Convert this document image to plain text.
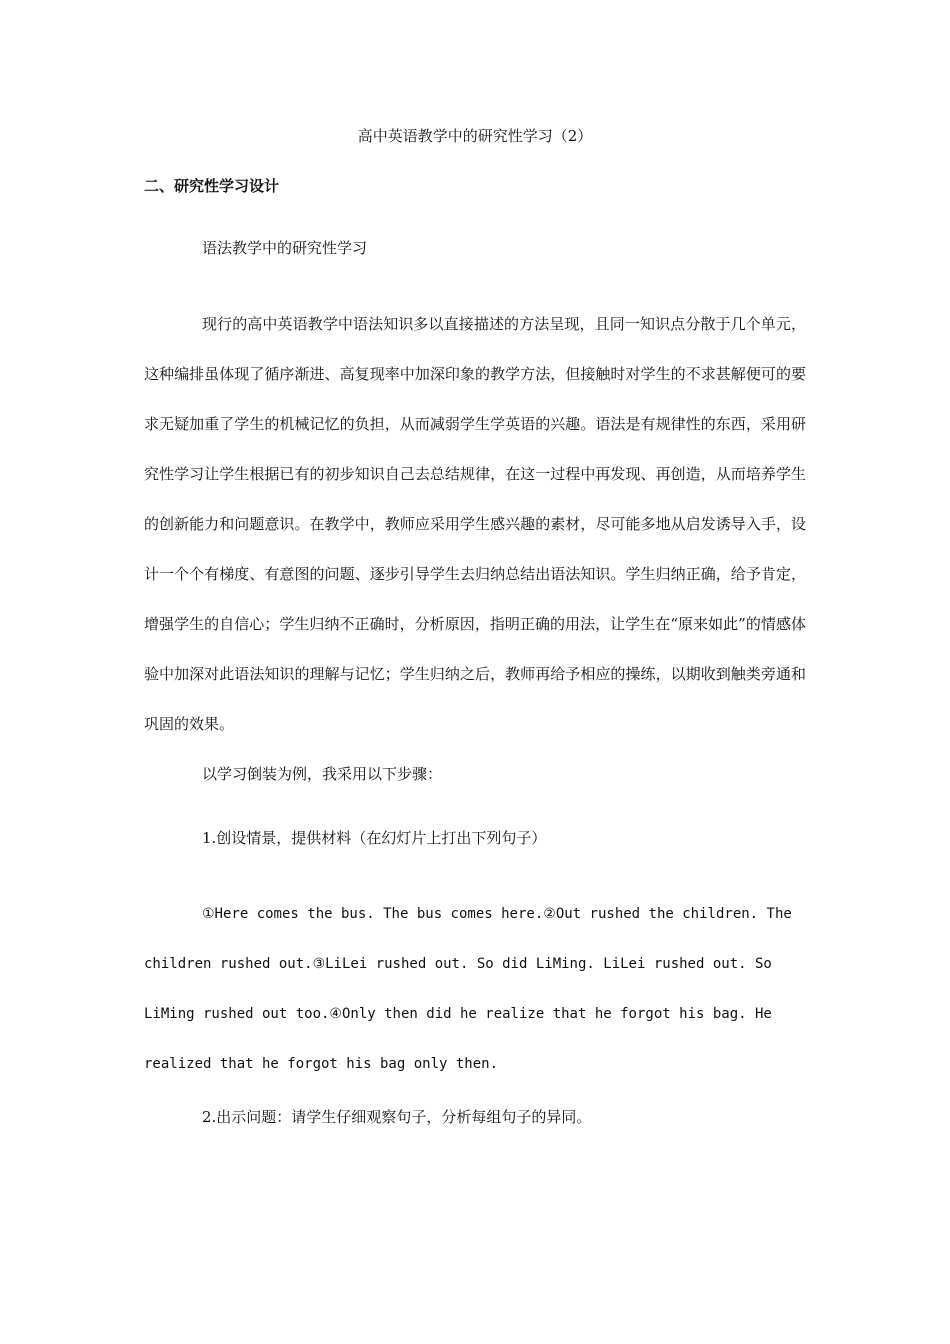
高中英语教学中的研究性学习（2）
二、研究性学习设计
语法教学中的研究性学习

现行的高中英语教学中语法知识多以直接描述的方法呈现，且同一知识点分散于几个单元，这种编排虽体现了循序渐进、高复现率中加深印象的教学方法，但接触时对学生的不求甚解便可的要求无疑加重了学生的机械记忆的负担，从而减弱学生学英语的兴趣。语法是有规律性的东西，采用研究性学习让学生根据已有的初步知识自己去总结规律，在这一过程中再发现、再创造，从而培养学生的创新能力和问题意识。在教学中，教师应采用学生感兴趣的素材，尽可能多地从启发诱导入手，设计一个个有梯度、有意图的问题、逐步引导学生去归纳总结出语法知识。学生归纳正确，给予肯定，增强学生的自信心；学生归纳不正确时，分析原因，指明正确的用法，让学生在“原来如此”的情感体验中加深对此语法知识的理解与记忆；学生归纳之后，教师再给予相应的操练，以期收到触类旁通和巩固的效果。

以学习倒装为例，我采用以下步骤：
1.创设情景，提供材料（在幻灯片上打出下列句子）

①Here comes the bus. The bus comes here.②Out rushed the children. The children rushed out.③LiLei rushed out. So did LiMing. LiLei rushed out. So LiMing rushed out too.④Only then did he realize that he forgot his bag. He realized that he forgot his bag only then.

2.出示问题：请学生仔细观察句子，分析每组句子的异同。
